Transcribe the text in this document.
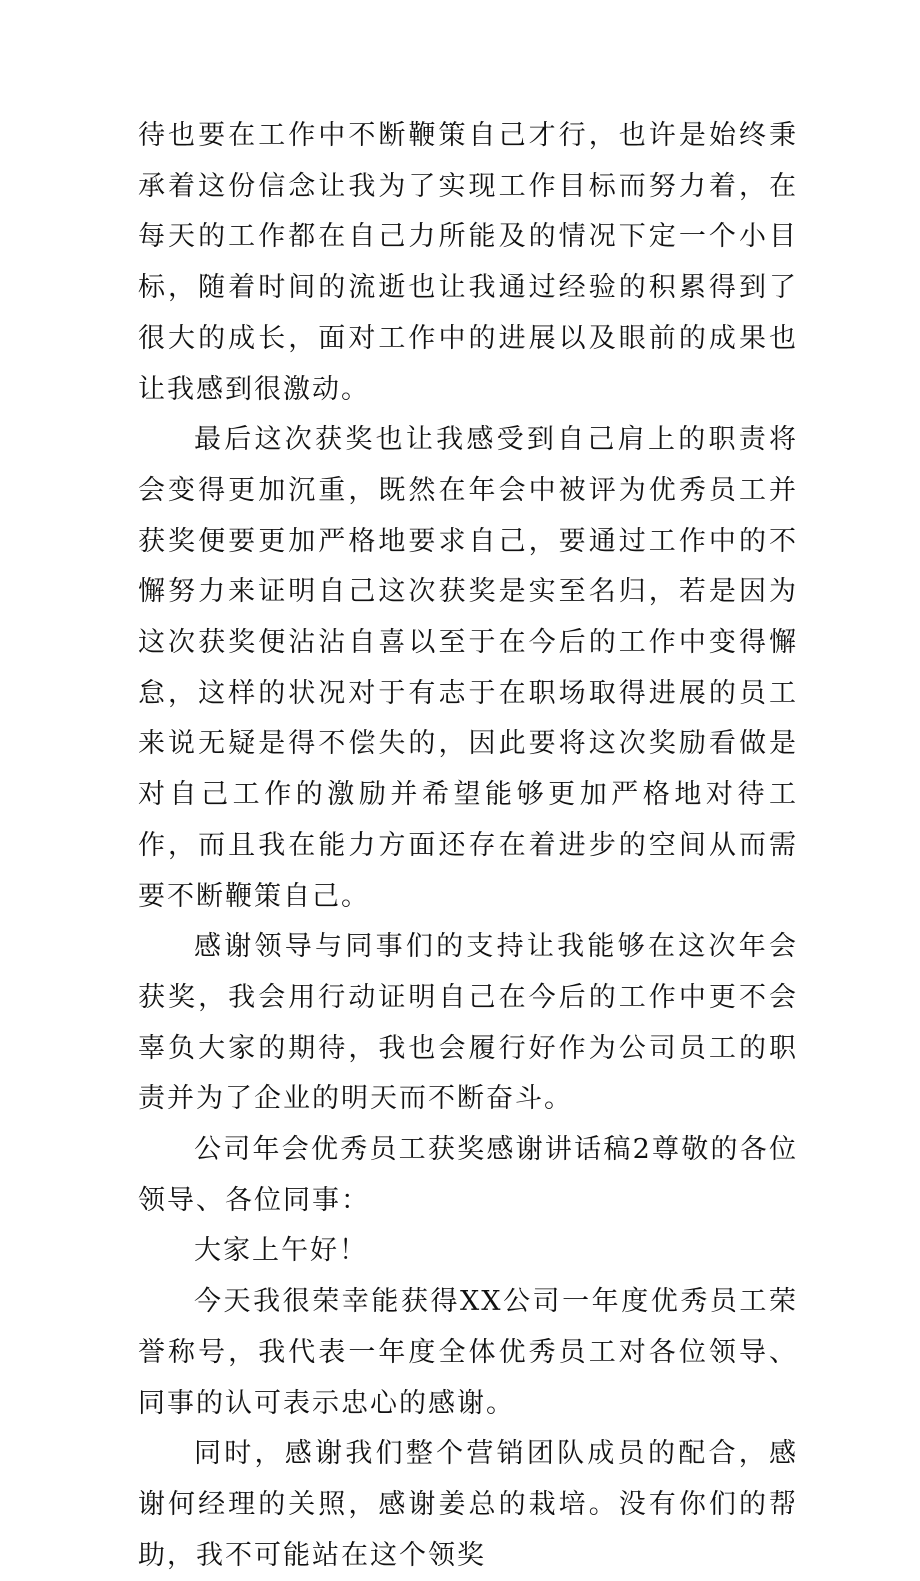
待也要在工作中不断鞭策自己才行，也许是始终秉承着这份信念让我为了实现工作目标而努力着，在每天的工作都在自己力所能及的情况下定一个小目标，随着时间的流逝也让我通过经验的积累得到了很大的成长，面对工作中的进展以及眼前的成果也让我感到很激动。

最后这次获奖也让我感受到自己肩上的职责将会变得更加沉重，既然在年会中被评为优秀员工并获奖便要更加严格地要求自己，要通过工作中的不懈努力来证明自己这次获奖是实至名归，若是因为这次获奖便沾沾自喜以至于在今后的工作中变得懈怠，这样的状况对于有志于在职场取得进展的员工来说无疑是得不偿失的，因此要将这次奖励看做是对自己工作的激励并希望能够更加严格地对待工作，而且我在能力方面还存在着进步的空间从而需要不断鞭策自己。

感谢领导与同事们的支持让我能够在这次年会获奖，我会用行动证明自己在今后的工作中更不会辜负大家的期待，我也会履行好作为公司员工的职责并为了企业的明天而不断奋斗。

公司年会优秀员工获奖感谢讲话稿2尊敬的各位领导、各位同事：

大家上午好！

今天我很荣幸能获得XX公司一年度优秀员工荣誉称号，我代表一年度全体优秀员工对各位领导、同事的认可表示忠心的感谢。

同时，感谢我们整个营销团队成员的配合，感谢何经理的关照，感谢姜总的栽培。没有你们的帮助，我不可能站在这个领奖
